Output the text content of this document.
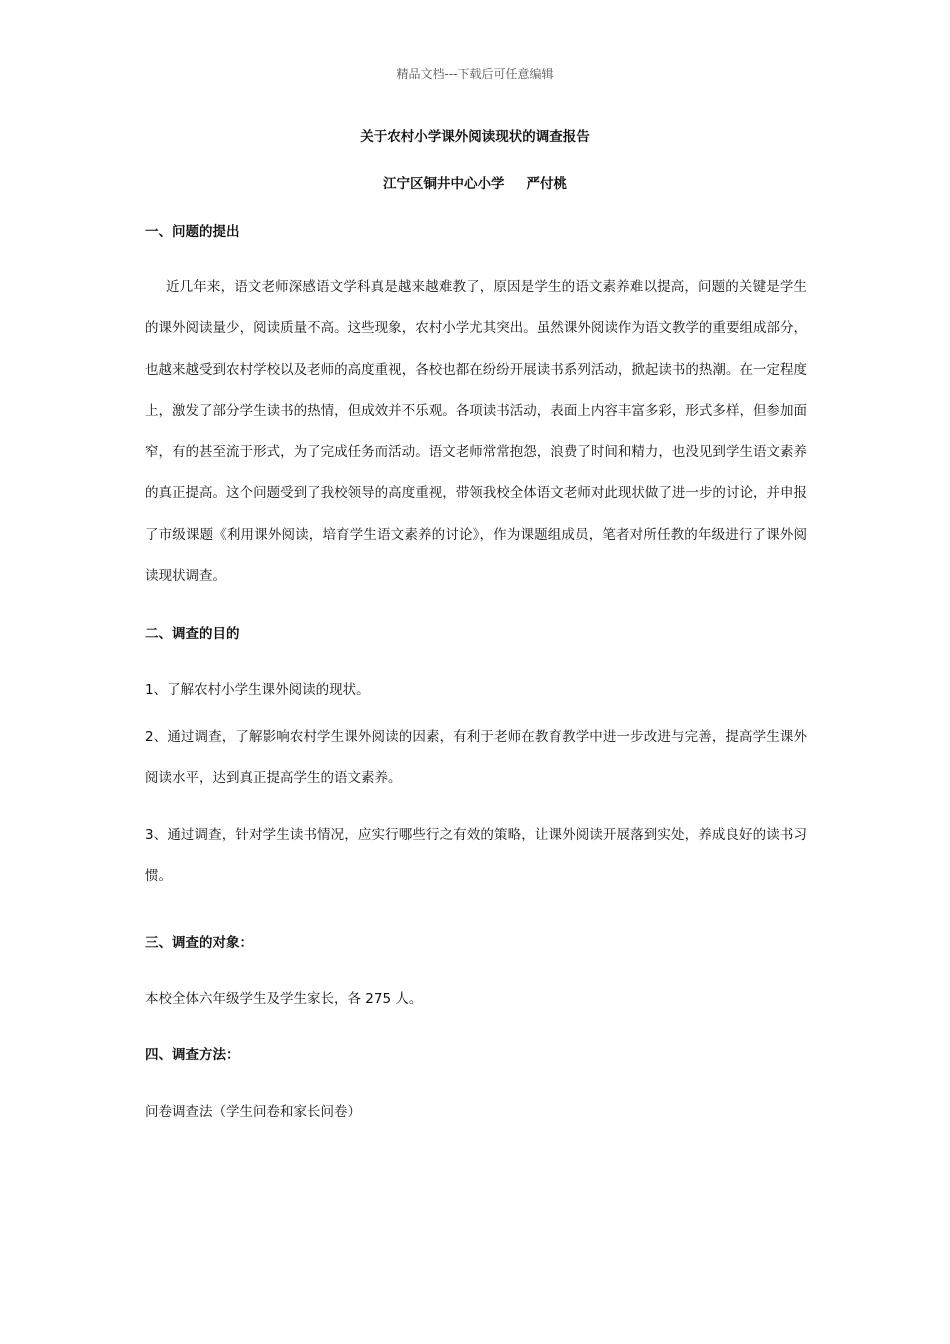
精品文档---下载后可任意编辑
关于农村小学课外阅读现状的调查报告
江宁区铜井中心小学 严付桃
一、问题的提出
近几年来，语文老师深感语文学科真是越来越难教了，原因是学生的语文素养难以提高，问题的关键是学生的课外阅读量少，阅读质量不高。这些现象，农村小学尤其突出。虽然课外阅读作为语文教学的重要组成部分，也越来越受到农村学校以及老师的高度重视，各校也都在纷纷开展读书系列活动，掀起读书的热潮。在一定程度上，激发了部分学生读书的热情，但成效并不乐观。各项读书活动，表面上内容丰富多彩，形式多样，但参加面窄，有的甚至流于形式，为了完成任务而活动。语文老师常常抱怨，浪费了时间和精力，也没见到学生语文素养的真正提高。这个问题受到了我校领导的高度重视，带领我校全体语文老师对此现状做了进一步的讨论，并申报了市级课题《利用课外阅读，培育学生语文素养的讨论》，作为课题组成员，笔者对所任教的年级进行了课外阅读现状调查。
二、调查的目的
1、了解农村小学生课外阅读的现状。
2、通过调查，了解影响农村学生课外阅读的因素，有利于老师在教育教学中进一步改进与完善，提高学生课外阅读水平，达到真正提高学生的语文素养。
3、通过调查，针对学生读书情况，应实行哪些行之有效的策略，让课外阅读开展落到实处，养成良好的读书习惯。
三、调查的对象：
本校全体六年级学生及学生家长，各 275 人。
四、调查方法：
问卷调查法（学生问卷和家长问卷）
